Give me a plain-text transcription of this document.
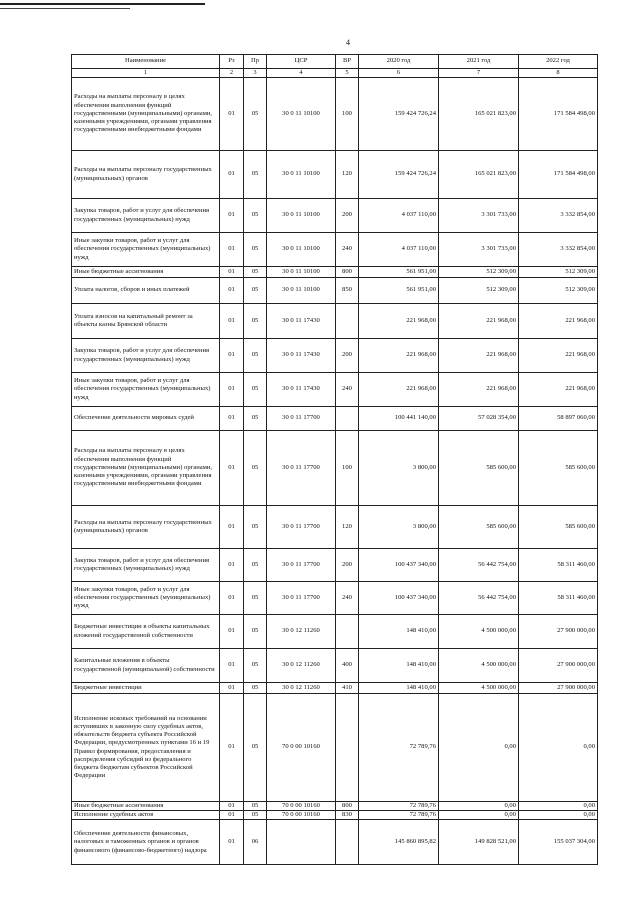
4
Наименование	Рз	Пр	ЦСР	ВР	2020 год	2021 год	2022 год
1	2	3	4	5	6	7	8
Расходы на выплаты персоналу в целях обеспечения выполнения функций государственными (муниципальными) органами, казенными учреждениями, органами управления государственными внебюджетными фондами	01	05	30 0 11 10100	100	159 424 726,24	165 021 823,00	171 584 498,00
Расходы на выплаты персоналу государственных (муниципальных) органов	01	05	30 0 11 10100	120	159 424 726,24	165 021 823,00	171 584 498,00
Закупка товаров, работ и услуг для обеспечения государственных (муниципальных) нужд	01	05	30 0 11 10100	200	4 037 110,00	3 301 733,00	3 332 854,00
Иные закупки товаров, работ и услуг для обеспечения государственных (муниципальных) нужд	01	05	30 0 11 10100	240	4 037 110,00	3 301 733,00	3 332 854,00
Иные бюджетные ассигнования	01	05	30 0 11 10100	800	561 951,00	512 309,00	512 309,00
Уплата налогов, сборов и иных платежей	01	05	30 0 11 10100	850	561 951,00	512 309,00	512 309,00
Уплата взносов на капитальный ремонт за объекты казны Брянской области	01	05	30 0 11 17430		221 968,00	221 968,00	221 968,00
Закупка товаров, работ и услуг для обеспечения государственных (муниципальных) нужд	01	05	30 0 11 17430	200	221 968,00	221 968,00	221 968,00
Иные закупки товаров, работ и услуг для обеспечения государственных (муниципальных) нужд	01	05	30 0 11 17430	240	221 968,00	221 968,00	221 968,00
Обеспечение деятельности мировых судей	01	05	30 0 11 17700		100 441 140,00	57 028 354,00	58 897 060,00
Расходы на выплаты персоналу в целях обеспечения выполнения функций государственными (муниципальными) органами, казенными учреждениями, органами управления государственными внебюджетными фондами	01	05	30 0 11 17700	100	3 800,00	585 600,00	585 600,00
Расходы на выплаты персоналу государственных (муниципальных) органов	01	05	30 0 11 17700	120	3 800,00	585 600,00	585 600,00
Закупка товаров, работ и услуг для обеспечения государственных (муниципальных) нужд	01	05	30 0 11 17700	200	100 437 340,00	56 442 754,00	58 311 460,00
Иные закупки товаров, работ и услуг для обеспечения государственных (муниципальных) нужд	01	05	30 0 11 17700	240	100 437 340,00	56 442 754,00	58 311 460,00
Бюджетные инвестиции в объекты капитальных вложений государственной собственности	01	05	30 0 12 11260		148 410,00	4 500 000,00	27 900 000,00
Капитальные вложения в объекты государственной (муниципальной) собственности	01	05	30 0 12 11260	400	148 410,00	4 500 000,00	27 900 000,00
Бюджетные инвестиции	01	05	30 0 12 11260	410	148 410,00	4 500 000,00	27 900 000,00
Исполнение исковых требований на основании вступивших в законную силу судебных актов, обязательств бюджета субъекта Российской Федерации, предусмотренных пунктами 16 и 19 Правил формирования, предоставления и распределения субсидий из федерального бюджета бюджетам субъектов Российской Федерации	01	05	70 0 00 10160		72 789,76	0,00	0,00
Иные бюджетные ассигнования	01	05	70 0 00 10160	800	72 789,76	0,00	0,00
Исполнение судебных актов	01	05	70 0 00 10160	830	72 789,76	0,00	0,00
Обеспечение деятельности финансовых, налоговых и таможенных органов и органов финансового (финансово-бюджетного) надзора	01	06			145 860 895,82	149 828 521,00	155 037 304,00
